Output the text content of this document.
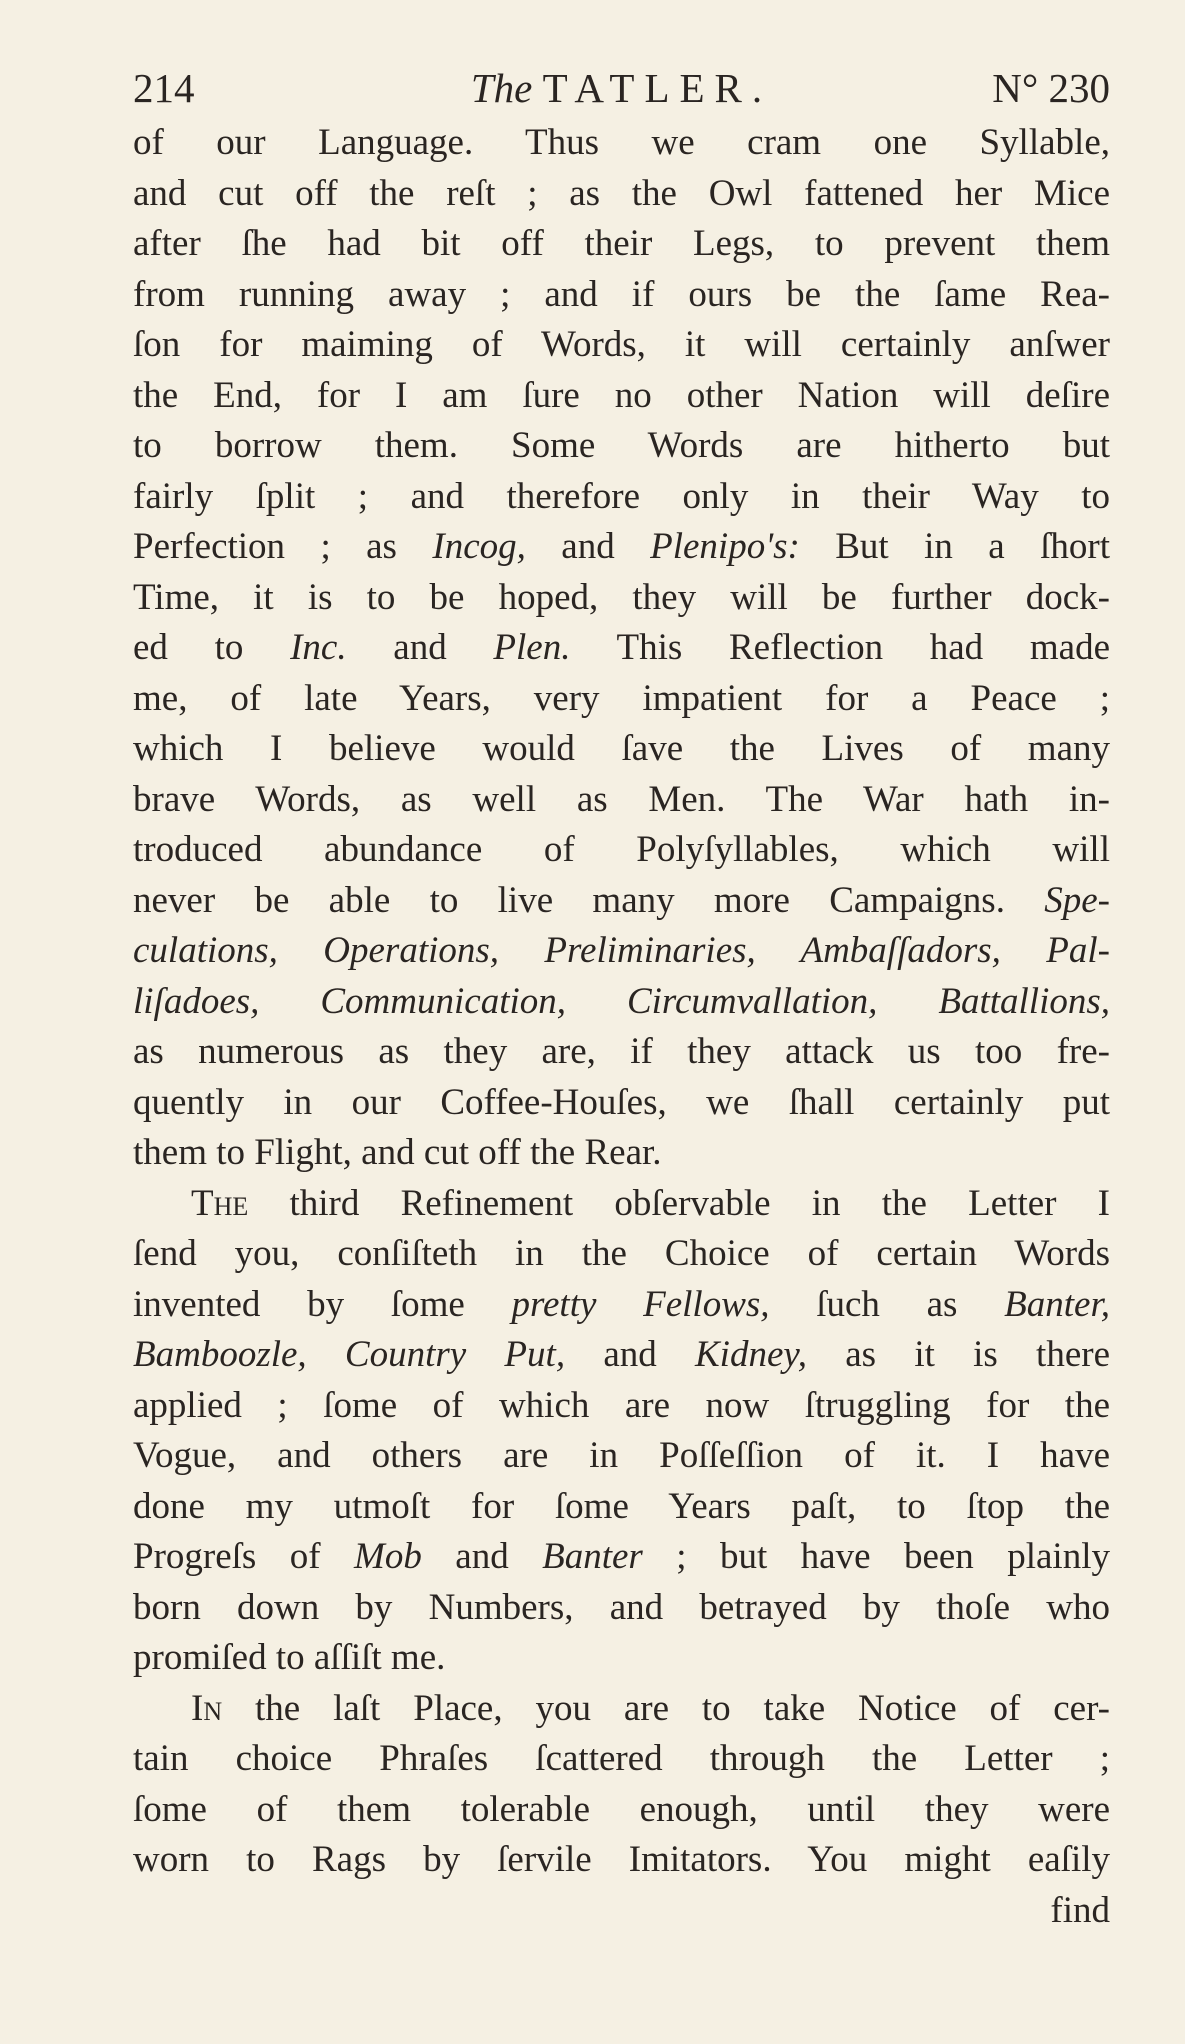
214	The TATLER.	N° 230
of our Language. Thus we cram one Syllable,
and cut off the reſt ; as the Owl fattened her Mice
after ſhe had bit off their Legs, to prevent them
from running away ; and if ours be the ſame Rea-
ſon for maiming of Words, it will certainly anſwer
the End, for I am ſure no other Nation will deſire
to borrow them. Some Words are hitherto but
fairly ſplit ; and therefore only in their Way to
Perfection ; as Incog, and Plenipo's: But in a ſhort
Time, it is to be hoped, they will be further dock-
ed to Inc. and Plen. This Reflection had made
me, of late Years, very impatient for a Peace ;
which I believe would ſave the Lives of many
brave Words, as well as Men. The War hath in-
troduced abundance of Polyſyllables, which will
never be able to live many more Campaigns. Spe-
culations, Operations, Preliminaries, Ambaſſadors, Pal-
liſadoes, Communication, Circumvallation, Battallions,
as numerous as they are, if they attack us too fre-
quently in our Coffee-Houſes, we ſhall certainly put
them to Flight, and cut off the Rear.
The third Refinement obſervable in the Letter I
ſend you, conſiſteth in the Choice of certain Words
invented by ſome pretty Fellows, ſuch as Banter,
Bamboozle, Country Put, and Kidney, as it is there
applied ; ſome of which are now ſtruggling for the
Vogue, and others are in Poſſeſſion of it. I have
done my utmoſt for ſome Years paſt, to ſtop the
Progreſs of Mob and Banter ; but have been plainly
born down by Numbers, and betrayed by thoſe who
promiſed to aſſiſt me.
In the laſt Place, you are to take Notice of cer-
tain choice Phraſes ſcattered through the Letter ;
ſome of them tolerable enough, until they were
worn to Rags by ſervile Imitators. You might eaſily
find
